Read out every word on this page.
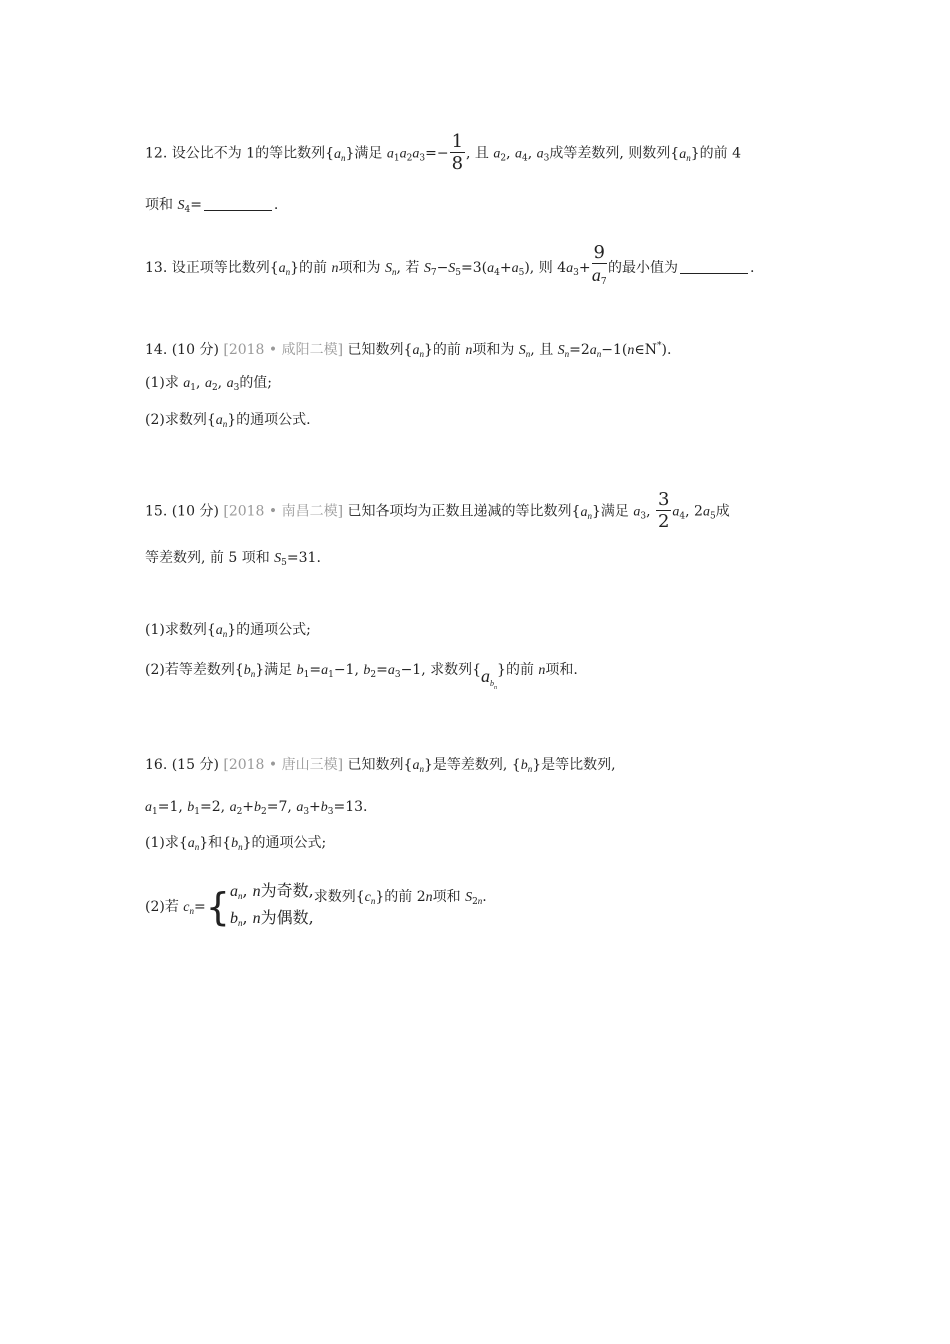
12. 设公比不为 1的等比数列$\{a_n\}$满足 $a_1a_2a_3=- \frac{1}{8}$ , 且 $a_2$, $a_4$, $a_3$成等差数列, 则数列$\{a_n\}$的前 4
项和 $S_4=$	.
13. 设正项等比数列$\{a_n\}$的前 n项和为 $S_n$, 若 $S_7-S_5=3(a_4+a_5)$, 则 $4a_3+ \frac{9}{a_7}$ 的最小值为	.
14. (10 分) [2018 • 咸阳二模] 已知数列$\{a_n\}$的前 n项和为 $S_n$, 且 $S_n=2a_n-1(n\in N^*)$.
(1)求 $a_1$, $a_2$, $a_3$的值;
(2)求数列$\{a_n\}$的通项公式.
15. (10 分) [2018 • 南昌二模] 已知各项均为正数且递减的等比数列$\{a_n\}$满足 $a_3$, $\frac{3}{2} a_4$, $2a_5$成
等差数列, 前 5 项和 $S_5=31$.
(1)求数列$\{a_n\}$的通项公式;
(2)若等差数列$\{b_n\}$满足 $b_1=a_1-1$, $b_2=a_3-1$, 求数列$\{a_{b_n}\}$的前 n项和.
16. (15 分) [2018 • 唐山三模] 已知数列$\{a_n\}$是等差数列, $\{b_n\}$是等比数列,
$a_1=1$, $b_1=2$, $a_2+b_2=7$, $a_3+b_3=13$.
(1)求$\{a_n\}$和$\{b_n\}$的通项公式;
(2)若 $c_n=${ $a_n$, n为奇数,
$b_n$, n为偶数,
求数列$\{c_n\}$的前 2n项和 $S_{2n}$.
